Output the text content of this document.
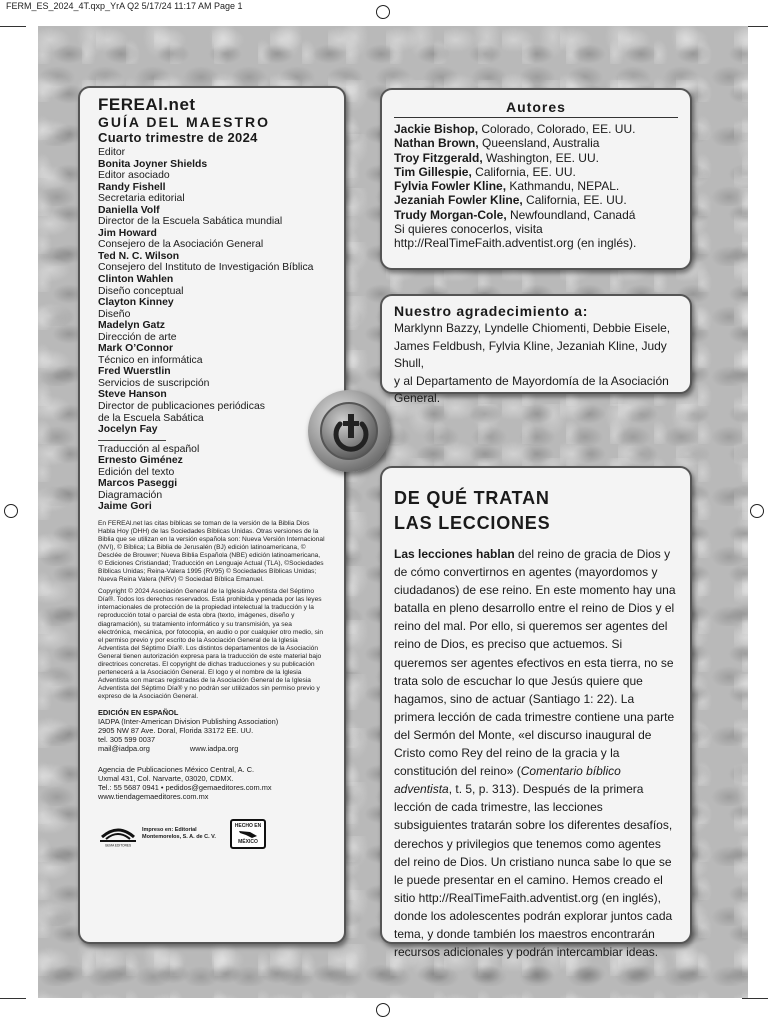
FERM_ES_2024_4T.qxp_YrA Q2 5/17/24 11:17 AM Page 1
FEREAl.net
GUÍA DEL MAESTRO
Cuarto trimestre de 2024
Editor
Bonita Joyner Shields
Editor asociado
Randy Fishell
Secretaria editorial
Daniella Volf
Director de la Escuela Sabática mundial
Jim Howard
Consejero de la Asociación General
Ted N. C. Wilson
Consejero del Instituto de Investigación Bíblica
Clinton Wahlen
Diseño conceptual
Clayton Kinney
Diseño
Madelyn Gatz
Dirección de arte
Mark O’Connor
Técnico en informática
Fred Wuerstlin
Servicios de suscripción
Steve Hanson
Director de publicaciones periódicas
de la Escuela Sabática
Jocelyn Fay
Traducción al español
Ernesto Giménez
Edición del texto
Marcos Paseggi
Diagramación
Jaime Gori

En FEREAl.net las citas bíblicas se toman de la versión de la Biblia Dios Habla Hoy (DHH) de las Sociedades Bíblicas Unidas. Otras versiones de la Biblia que se utilizan en la versión española son: Nueva Versión Internacional (NVI), © Bíblica; La Biblia de Jerusalén (BJ) edición latinoamericana, © Desclée de Brouwer; Nueva Biblia Española (NBE) edición latinoamericana, © Ediciones Cristiandad; Traducción en Lenguaje Actual (TLA), ©Sociedades Bíblicas Unidas; Reina-Valera 1995 (RV95) © Sociedades Bíblicas Unidas; Nueva Reina Valera (NRV) © Sociedad Bíblica Emanuel.

Copyright © 2024 Asociación General de la Iglesia Adventista del Séptimo Día®. Todos los derechos reservados. Está prohibida y penada por las leyes internacionales de protección de la propiedad intelectual la traducción y la reproducción total o parcial de esta obra (texto, imágenes, diseño y diagramación), su tratamiento informático y su transmisión, ya sea electrónica, mecánica, por fotocopia, en audio o por cualquier otro medio, sin el permiso previo y por escrito de la Asociación General de la Iglesia Adventista del Séptimo Día®. Los distintos departamentos de la Asociación General tienen autorización expresa para la traducción de este material bajo directrices concretas. El copyright de dichas traducciones y su publicación pertenecerá a la Asociación General. El logo y el nombre de la Iglesia Adventista son marcas registradas de la Asociación General de la Iglesia Adventista del Séptimo Día® y no podrán ser utilizados sin permiso previo y expreso de la Asociación General.

EDICIÓN EN ESPAÑOL
IADPA (Inter-American Division Publishing Association)
2905 NW 87 Ave. Doral, Florida 33172 EE. UU.
tel. 305 599 0037
mail@iadpa.org	www.iadpa.org
Agencia de Publicaciones México Central, A. C.
Uxmal 431, Col. Narvarte, 03020, CDMX.
Tel.: 55 5687 0941 • pedidos@gemaeditores.com.mx
www.tiendagemaeditores.com.mx
GEMA EDITORES
Impreso en: Editorial Montemorelos, S. A. de C. V.
HECHO EN
MÉXICO
Autores
Jackie Bishop, Colorado, Colorado, EE. UU.
Nathan Brown, Queensland, Australia
Troy Fitzgerald, Washington, EE. UU.
Tim Gillespie, California, EE. UU.
Fylvia Fowler Kline, Kathmandu, NEPAL.
Jezaniah Fowler Kline, California, EE. UU.
Trudy Morgan-Cole, Newfoundland, Canadá
Si quieres conocerlos, visita
http://RealTimeFaith.adventist.org (en inglés).
Nuestro agradecimiento a:
Marklynn Bazzy, Lyndelle Chiomenti, Debbie Eisele,
James Feldbush, Fylvia Kline, Jezaniah Kline, Judy Shull,
y al Departamento de Mayordomía de la Asociación
General.
DE QUÉ TRATAN
LAS LECCIONES
Las lecciones hablan del reino de gracia de Dios y de cómo convertirnos en agentes (mayordomos y ciudadanos) de ese reino. En este momento hay una batalla en pleno desarrollo entre el reino de Dios y el reino del mal. Por ello, si queremos ser agentes del reino de Dios, es preciso que actuemos. Si queremos ser agentes efectivos en esta tierra, no se trata solo de escuchar lo que Jesús quiere que hagamos, sino de actuar (Santiago 1: 22). La primera lección de cada trimestre contiene una parte del Sermón del Monte, «el discurso inaugural de Cristo como Rey del reino de la gracia y la constitución del reino» (Comentario bíblico adventista, t. 5, p. 313). Después de la primera lección de cada trimestre, las lecciones subsiguientes tratarán sobre los diferentes desafíos, derechos y privilegios que tenemos como agentes del reino de Dios. Un cristiano nunca sabe lo que se le puede presentar en el camino. Hemos creado el sitio http://RealTimeFaith.adventist.org (en inglés), donde los adolescentes podrán explorar juntos cada tema, y donde también los maestros encontrarán recursos adicionales y podrán intercambiar ideas.
